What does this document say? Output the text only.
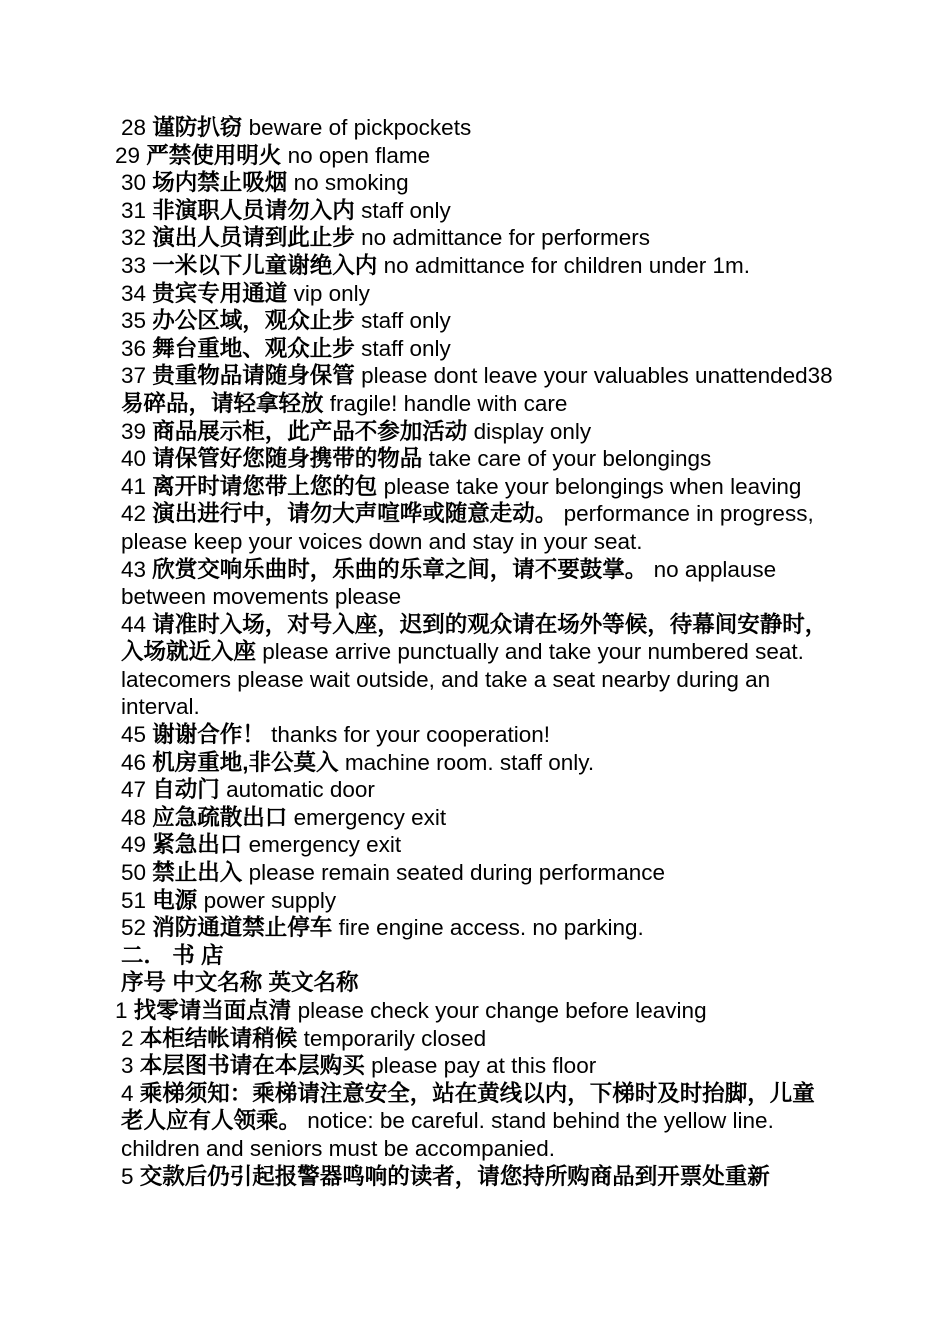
28 谨防扒窃 beware of pickpockets
29 严禁使用明火 no open flame
30 场内禁止吸烟 no smoking
31 非演职人员请勿入内 staff only
32 演出人员请到此止步 no admittance for performers
33 一米以下儿童谢绝入内 no admittance for children under 1m.
34 贵宾专用通道 vip only
35 办公区域，观众止步 staff only
36 舞台重地、观众止步 staff only
37 贵重物品请随身保管 please dont leave your valuables unattended38 易碎品，请轻拿轻放 fragile! handle with care
39 商品展示柜，此产品不参加活动 display only
40 请保管好您随身携带的物品 take care of your belongings
41 离开时请您带上您的包 please take your belongings when leaving
42 演出进行中，请勿大声喧哗或随意走动。 performance in progress, please keep your voices down and stay in your seat.
43 欣赏交响乐曲时，乐曲的乐章之间，请不要鼓掌。 no applause between movements please
44 请准时入场，对号入座，迟到的观众请在场外等候，待幕间安静时，入场就近入座 please arrive punctually and take your numbered seat. latecomers please wait outside, and take a seat nearby during an interval.
45 谢谢合作！ thanks for your cooperation!
46 机房重地,非公莫入 machine room. staff only.
47 自动门 automatic door
48 应急疏散出口 emergency exit
49 紧急出口 emergency exit
50 禁止出入 please remain seated during performance
51 电源 power supply
52 消防通道禁止停车 fire engine access. no parking.
二． 书 店
序号 中文名称 英文名称
1 找零请当面点清 please check your change before leaving
2 本柜结帐请稍候 temporarily closed
3 本层图书请在本层购买 please pay at this floor
4 乘梯须知：乘梯请注意安全，站在黄线以内，下梯时及时抬脚，儿童老人应有人领乘。 notice: be careful. stand behind the yellow line. children and seniors must be accompanied.
5 交款后仍引起报警器鸣响的读者，请您持所购商品到开票处重新
